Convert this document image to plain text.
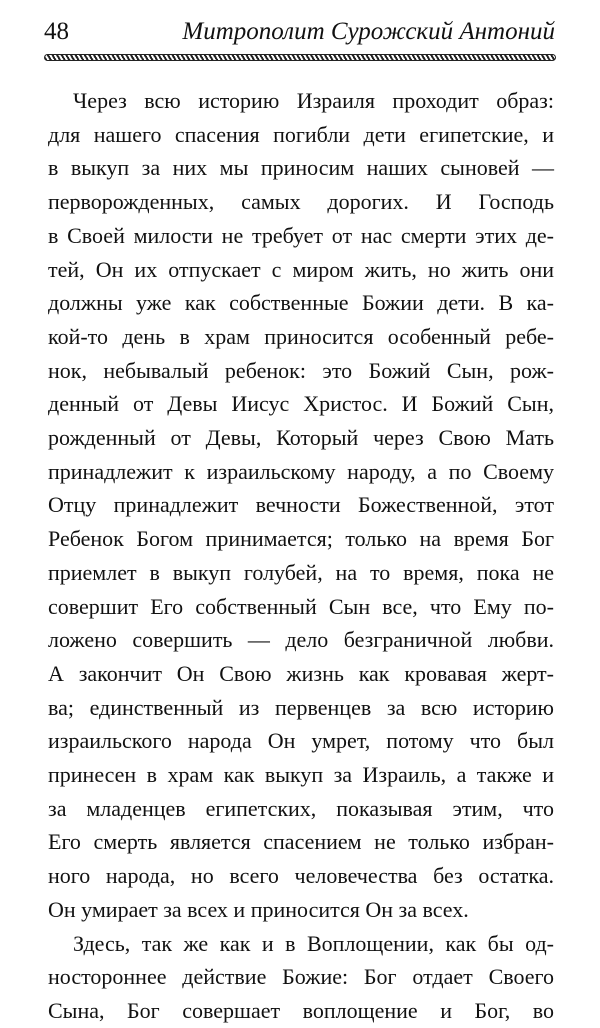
48	Митрополит Сурожский Антоний
Через всю историю Израиля проходит образ:
для нашего спасения погибли дети египетские, и
в выкуп за них мы приносим наших сыновей —
перворожденных, самых дорогих. И Господь
в Своей милости не требует от нас смерти этих де-
тей, Он их отпускает с миром жить, но жить они
должны уже как собственные Божии дети. В ка-
кой-то день в храм приносится особенный ребе-
нок, небывалый ребенок: это Божий Сын, рож-
денный от Девы Иисус Христос. И Божий Сын,
рожденный от Девы, Который через Свою Мать
принадлежит к израильскому народу, а по Своему
Отцу принадлежит вечности Божественной, этот
Ребенок Богом принимается; только на время Бог
приемлет в выкуп голубей, на то время, пока не
совершит Его собственный Сын все, что Ему по-
ложено совершить — дело безграничной любви.
А закончит Он Свою жизнь как кровавая жерт-
ва; единственный из первенцев за всю историю
израильского народа Он умрет, потому что был
принесен в храм как выкуп за Израиль, а также и
за младенцев египетских, показывая этим, что
Его смерть является спасением не только избран-
ного народа, но всего человечества без остатка.
Он умирает за всех и приносится Он за всех.
Здесь, так же как и в Воплощении, как бы од-
ностороннее действие Божие: Бог отдает Своего
Сына, Бог совершает воплощение и Бог, во
